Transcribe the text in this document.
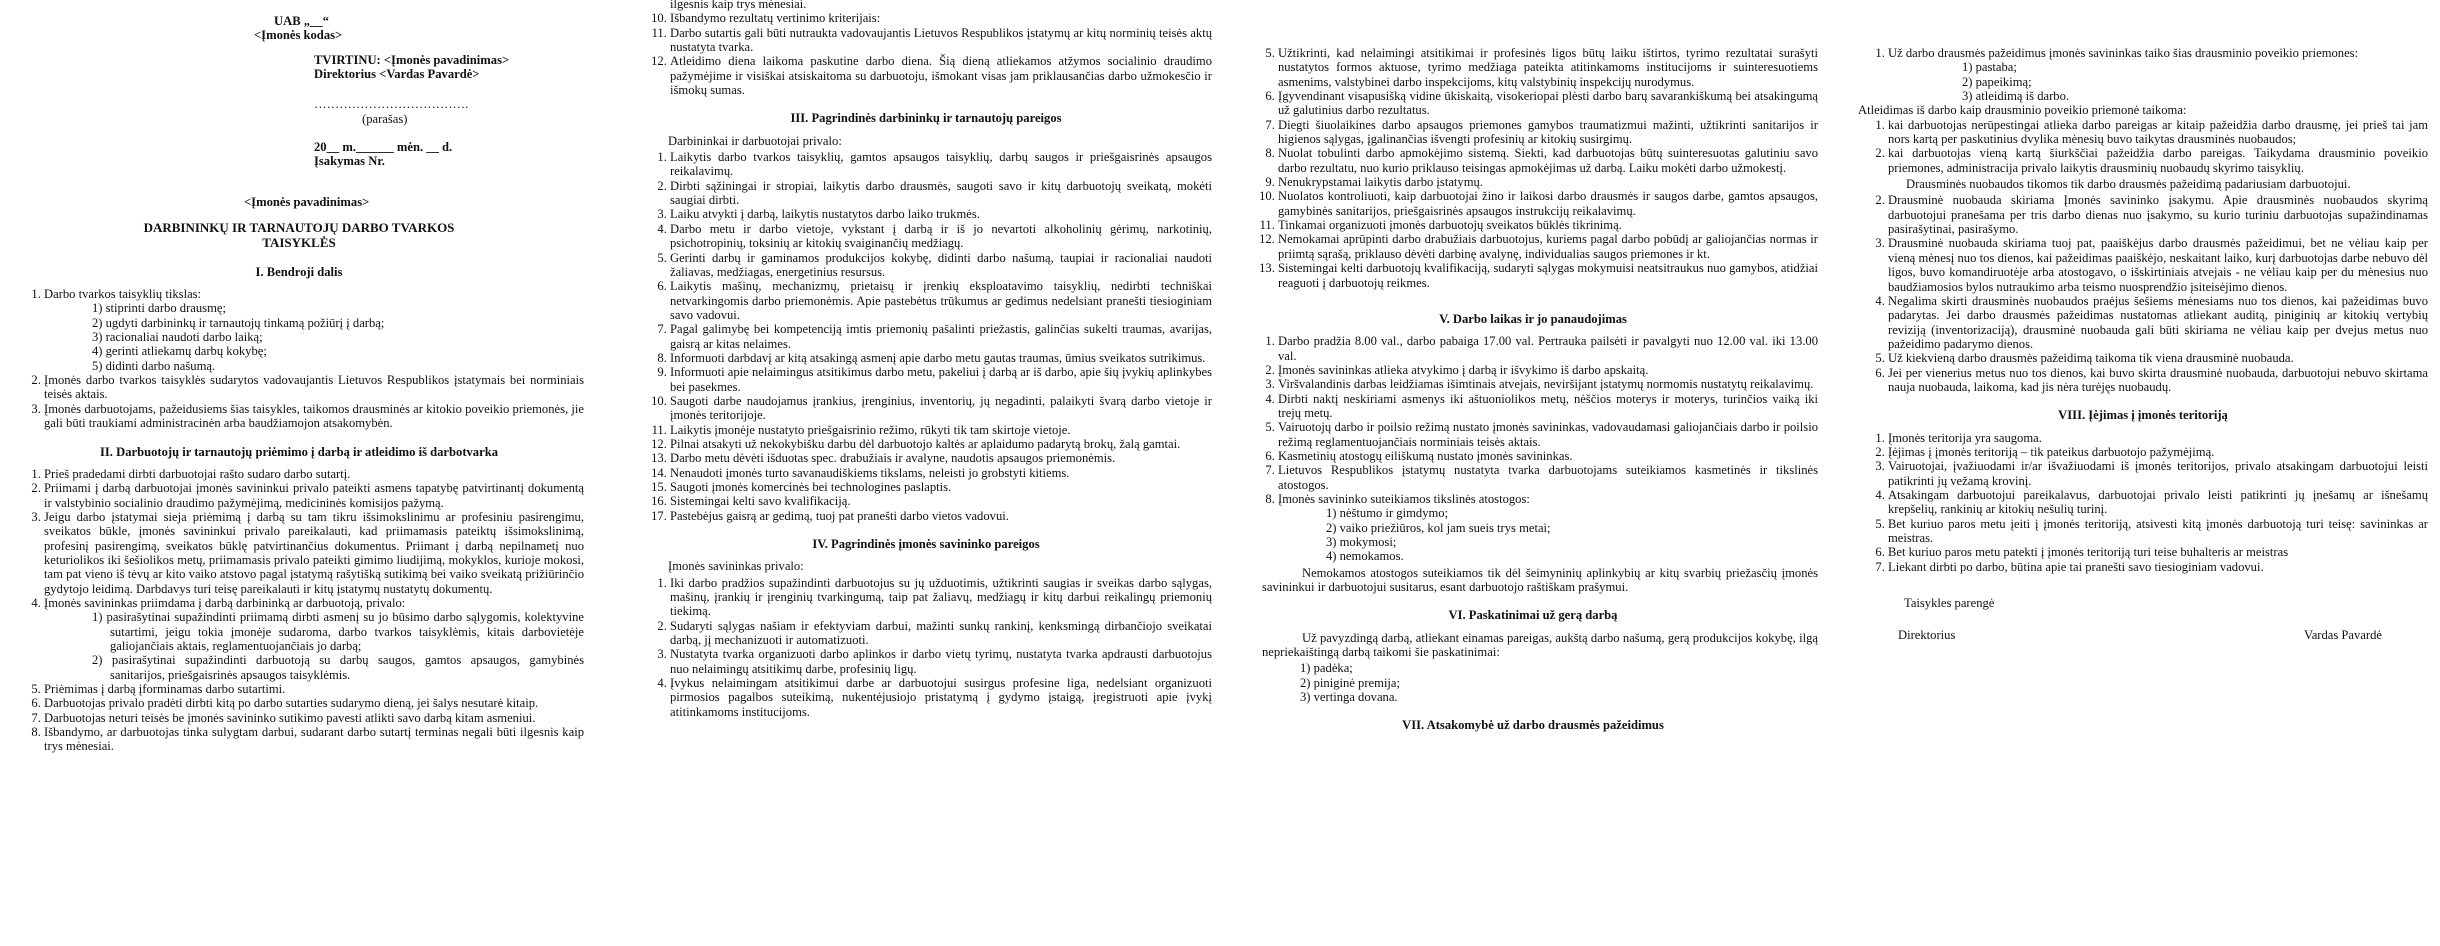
UAB „__“

<Įmonės kodas>

TVIRTINU: <Įmonės pavadinimas>

Direktorius <Vardas Pavardė>

……………………………….

(parašas)

20__ m.______ mėn. __ d.

Įsakymas Nr.

<Įmonės pavadinimas>
DARBININKŲ IR TARNAUTOJŲ DARBO TVARKOS
TAISYKLĖS
I. Bendroji dalis
1. Darbo tvarkos taisyklių tikslas:
1) stiprinti darbo drausmę;
2) ugdyti darbininkų ir tarnautojų tinkamą požiūrį į darbą;
3) racionaliai naudoti darbo laiką;
4) gerinti atliekamų darbų kokybę;
5) didinti darbo našumą.
2. Įmonės darbo tvarkos taisyklės sudarytos vadovaujantis Lietuvos Respublikos įstatymais bei norminiais teisės aktais.
3. Įmonės darbuotojams, pažeidusiems šias taisykles, taikomos drausminės ar kitokio poveikio priemonės, jie gali būti traukiami administracinėn arba baudžiamojon atsakomybėn.
II. Darbuotojų ir tarnautojų priėmimo į darbą ir atleidimo iš darbotvarka
1. Prieš pradedami dirbti darbuotojai rašto sudaro darbo sutartį.
2. Priimami į darbą darbuotojai įmonės savininkui privalo pateikti asmens tapatybę patvirtinantį dokumentą ir valstybinio socialinio draudimo pažymėjimą, medicininės komisijos pažymą.
3. Jeigu darbo įstatymai sieja priėmimą į darbą su tam tikru išsimokslinimu ar profesiniu pasirengimu, sveikatos būkle, įmonės savininkui privalo pareikalauti, kad priimamasis pateiktų išsimokslinimą, profesinį pasirengimą, sveikatos būklę patvirtinančius dokumentus. Priimant į darbą nepilnametį nuo keturiolikos iki šešiolikos metų, priimamasis privalo pateikti gimimo liudijimą, mokyklos, kurioje mokosi, tam pat vieno iš tėvų ar kito vaiko atstovo pagal įstatymą rašytišką sutikimą bei vaiko sveikatą prižiūrinčio gydytojo leidimą. Darbdavys turi teisę pareikalauti ir kitų įstatymų nustatytų dokumentų.
4. Įmonės savininkas priimdama į darbą darbininką ar darbuotoją, privalo:
1) pasirašytinai supažindinti priimamą dirbti asmenį su jo būsimo darbo sąlygomis, kolektyvine sutartimi, jeigu tokia įmonėje sudaroma, darbo tvarkos taisyklėmis, kitais darbovietėje galiojančiais aktais, reglamentuojančiais jo darbą;
2) pasirašytinai supažindinti darbuotoją su darbų saugos, gamtos apsaugos, gamybinės sanitarijos, priešgaisrinės apsaugos taisyklėmis.
5. Priėmimas į darbą įforminamas darbo sutartimi.
6. Darbuotojas privalo pradėti dirbti kitą po darbo sutarties sudarymo dieną, jei šalys nesutarė kitaip.
7. Darbuotojas neturi teisės be įmonės savininko sutikimo pavesti atlikti savo darbą kitam asmeniui.
8. Išbandymo, ar darbuotojas tinka sulygtam darbui, sudarant darbo sutartį terminas negali būti ilgesnis kaip trys mėnesiai.
ilgesnis kaip trys mėnesiai.
10. Išbandymo rezultatų vertinimo kriterijais:
11. Darbo sutartis gali būti nutraukta vadovaujantis Lietuvos Respublikos įstatymų ar kitų norminių teisės aktų nustatyta tvarka.
12. Atleidimo diena laikoma paskutine darbo diena. Šią dieną atliekamos atžymos socialinio draudimo pažymėjime ir visiškai atsiskaitoma su darbuotoju, išmokant visas jam priklausančias darbo užmokesčio ir išmokų sumas.
III. Pagrindinės darbininkų ir tarnautojų pareigos
Darbininkai ir darbuotojai privalo:
1. Laikytis darbo tvarkos taisyklių, gamtos apsaugos taisyklių, darbų saugos ir priešgaisrinės apsaugos reikalavimų.
2. Dirbti sąžiningai ir stropiai, laikytis darbo drausmės, saugoti savo ir kitų darbuotojų sveikatą, mokėti saugiai dirbti.
3. Laiku atvykti į darbą, laikytis nustatytos darbo laiko trukmės.
4. Darbo metu ir darbo vietoje, vykstant į darbą ir iš jo nevartoti alkoholinių gėrimų, narkotinių, psichotropinių, toksinių ar kitokių svaiginančių medžiagų.
5. Gerinti darbų ir gaminamos produkcijos kokybę, didinti darbo našumą, taupiai ir racionaliai naudoti žaliavas, medžiagas, energetinius resursus.
6. Laikytis mašinų, mechanizmų, prietaisų ir įrenkių eksploatavimo taisyklių, nedirbti techniškai netvarkingomis darbo priemonėmis. Apie pastebėtus trūkumus ar gedimus nedelsiant pranešti tiesioginiam savo vadovui.
7. Pagal galimybę bei kompetenciją imtis priemonių pašalinti priežastis, galinčias sukelti traumas, avarijas, gaisrą ar kitas nelaimes.
8. Informuoti darbdavį ar kitą atsakingą asmenį apie darbo metu gautas traumas, ūmius sveikatos sutrikimus.
9. Informuoti apie nelaimingus atsitikimus darbo metu, pakeliui į darbą ar iš darbo, apie šių įvykių aplinkybes bei pasekmes.
10. Saugoti darbe naudojamus įrankius, įrenginius, inventorių, jų negadinti, palaikyti švarą darbo vietoje ir įmonės teritorijoje.
11. Laikytis įmonėje nustatyto priešgaisrinio režimo, rūkyti tik tam skirtoje vietoje.
12. Pilnai atsakyti už nekokybišku darbu dėl darbuotojo kaltės ar aplaidumo padarytą brokų, žalą gamtai.
13. Darbo metu dėvėti išduotas spec. drabužiais ir avalyne, naudotis apsaugos priemonėmis.
14. Nenaudoti įmonės turto savanaudiškiems tikslams, neleisti jo grobstyti kitiems.
15. Saugoti įmonės komercinės bei technologines paslaptis.
16. Sistemingai kelti savo kvalifikaciją.
17. Pastebėjus gaisrą ar gedimą, tuoj pat pranešti darbo vietos vadovui.
IV. Pagrindinės įmonės savininko pareigos
Įmonės savininkas privalo:
1. Iki darbo pradžios supažindinti darbuotojus su jų užduotimis, užtikrinti saugias ir sveikas darbo sąlygas, mašinų, įrankių ir įrenginių tvarkingumą, taip pat žaliavų, medžiagų ir kitų darbui reikalingų priemonių tiekimą.
2. Sudaryti sąlygas našiam ir efektyviam darbui, mažinti sunkų rankinį, kenksmingą dirbančiojo sveikatai darbą, jį mechanizuoti ir automatizuoti.
3. Nustatyta tvarka organizuoti darbo aplinkos ir darbo vietų tyrimų, nustatyta tvarka apdrausti darbuotojus nuo nelaimingų atsitikimų darbe, profesinių ligų.
4. Įvykus nelaimingam atsitikimui darbe ar darbuotojui susirgus profesine liga, nedelsiant organizuoti pirmosios pagalbos suteikimą, nukentėjusiojo pristatymą į gydymo įstaigą, įregistruoti apie įvykį atitinkamoms institucijoms.
5. Užtikrinti, kad nelaimingi atsitikimai ir profesinės ligos būtų laiku ištirtos, tyrimo rezultatai surašyti nustatytos formos aktuose, tyrimo medžiaga pateikta atitinkamoms institucijoms ir suinteresuotiems asmenims, valstybinei darbo inspekcijoms, kitų valstybinių inspekcijų nurodymus.
6. Įgyvendinant visapusišką vidine ūkiskaitą, visokeriopai plėsti darbo barų savarankiškumą bei atsakingumą už galutinius darbo rezultatus.
7. Diegti šiuolaikines darbo apsaugos priemones gamybos traumatizmui mažinti, užtikrinti sanitarijos ir higienos sąlygas, įgalinančias išvengti profesinių ar kitokių susirgimų.
8. Nuolat tobulinti darbo apmokėjimo sistemą. Siekti, kad darbuotojas būtų suinteresuotas galutiniu savo darbo rezultatu, nuo kurio priklauso teisingas apmokėjimas už darbą. Laiku mokėti darbo užmokestį.
9. Nenukrypstamai laikytis darbo įstatymų.
10. Nuolatos kontroliuoti, kaip darbuotojai žino ir laikosi darbo drausmės ir saugos darbe, gamtos apsaugos, gamybinės sanitarijos, priešgaisrinės apsaugos instrukcijų reikalavimų.
11. Tinkamai organizuoti įmonės darbuotojų sveikatos būklės tikrinimą.
12. Nemokamai aprūpinti darbo drabužiais darbuotojus, kuriems pagal darbo pobūdį ar galiojančias normas ir priimtą sąrašą, priklauso dėvėti darbinę avalynę, individualias saugos priemones ir kt.
13. Sistemingai kelti darbuotojų kvalifikaciją, sudaryti sąlygas mokymuisi neatsitraukus nuo gamybos, atidžiai reaguoti į darbuotojų reikmes.
V. Darbo laikas ir jo panaudojimas
1. Darbo pradžia 8.00 val., darbo pabaiga 17.00 val. Pertrauka pailsėti ir pavalgyti nuo 12.00 val. iki 13.00 val.
2. Įmonės savininkas atlieka atvykimo į darbą ir išvykimo iš darbo apskaitą.
3. Viršvalandinis darbas leidžiamas išimtinais atvejais, neviršijant įstatymų normomis nustatytų reikalavimų.
4. Dirbti naktį neskiriami asmenys iki aštuoniolikos metų, nėščios moterys ir moterys, turinčios vaiką iki trejų metų.
5. Vairuotojų darbo ir poilsio režimą nustato įmonės savininkas, vadovaudamasi galiojančiais darbo ir poilsio režimą reglamentuojančiais norminiais teisės aktais.
6. Kasmetinių atostogų eiliškumą nustato įmonės savininkas.
7. Lietuvos Respublikos įstatymų nustatyta tvarka darbuotojams suteikiamos kasmetinės ir tikslinės atostogos.
8. Įmonės savininko suteikiamos tikslinės atostogos:
1) nėštumo ir gimdymo;
2) vaiko priežiūros, kol jam sueis trys metai;
3) mokymosi;
4) nemokamos.
Nemokamos atostogos suteikiamos tik dėl šeimyninių aplinkybių ar kitų svarbių priežasčių įmonės savininkui ir darbuotojui susitarus, esant darbuotojo raštiškam prašymui.
VI. Paskatinimai už gerą darbą
Už pavyzdingą darbą, atliekant einamas pareigas, aukštą darbo našumą, gerą produkcijos kokybę, ilgą nepriekaištingą darbą taikomi šie paskatinimai:
1) padėka;
2) piniginė premija;
3) vertinga dovana.
VII. Atsakomybė už darbo drausmės pažeidimus
1. Už darbo drausmės pažeidimus įmonės savininkas taiko šias drausminio poveikio priemones:
1) pastaba;
2) papeikimą;
3) atleidimą iš darbo.
Atleidimas iš darbo kaip drausminio poveikio priemonė taikoma:
1. kai darbuotojas nerūpestingai atlieka darbo pareigas ar kitaip pažeidžia darbo drausmę, jei prieš tai jam nors kartą per paskutinius dvylika mėnesių buvo taikytas drausminės nuobaudos;
2. kai darbuotojas vieną kartą šiurkščiai pažeidžia darbo pareigas. Taikydama drausminio poveikio priemones, administracija privalo laikytis drausminių nuobaudų skyrimo taisyklių.
Drausminės nuobaudos tikomos tik darbo drausmės pažeidimą padariusiam darbuotojui.
2. Drausminė nuobauda skiriama Įmonės savininko įsakymu. Apie drausminės nuobaudos skyrimą darbuotojui pranešama per tris darbo dienas nuo įsakymo, su kurio turiniu darbuotojas supažindinamas pasirašytinai, pasirašymo.
3. Drausminė nuobauda skiriama tuoj pat, paaiškėjus darbo drausmės pažeidimui, bet ne vėliau kaip per vieną mėnesį nuo tos dienos, kai pažeidimas paaiškėjo, neskaitant laiko, kurį darbuotojas darbe nebuvo dėl ligos, buvo komandiruotėje arba atostogavo, o išskirtiniais atvejais - ne vėliau kaip per du mėnesius nuo baudžiamosios bylos nutraukimo arba teismo nuosprendžio įsiteisėjimo dienos.
4. Negalima skirti drausminės nuobaudos praėjus šešiems mėnesiams nuo tos dienos, kai pažeidimas buvo padarytas. Jei darbo drausmės pažeidimas nustatomas atliekant auditą, piniginių ar kitokių vertybių reviziją (inventorizaciją), drausminė nuobauda gali būti skiriama ne vėliau kaip per dvejus metus nuo pažeidimo padarymo dienos.
5. Už kiekvieną darbo drausmės pažeidimą taikoma tik viena drausminė nuobauda.
6. Jei per vienerius metus nuo tos dienos, kai buvo skirta drausminė nuobauda, darbuotojui nebuvo skirtama nauja nuobauda, laikoma, kad jis nėra turėjęs nuobaudų.
VIII. Įėjimas į įmonės teritoriją
1. Įmonės teritorija yra saugoma.
2. Įėjimas į įmonės teritoriją – tik pateikus darbuotojo pažymėjimą.
3. Vairuotojai, įvažiuodami ir/ar išvažiuodami iš įmonės teritorijos, privalo atsakingam darbuotojui leisti patikrinti jų vežamą krovinį.
4. Atsakingam darbuotojui pareikalavus, darbuotojai privalo leisti patikrinti jų įnešamų ar išnešamų krepšelių, rankinių ar kitokių nešulių turinį.
5. Bet kuriuo paros metu įeiti į įmonės teritoriją, atsivesti kitą įmonės darbuotoją turi teisę: savininkas ar meistras.
6. Bet kuriuo paros metu patekti į įmonės teritoriją turi teise buhalteris ar meistras
7. Liekant dirbti po darbo, būtina apie tai pranešti savo tiesioginiam vadovui.
Taisykles parengė
Direktorius	Vardas Pavardė
